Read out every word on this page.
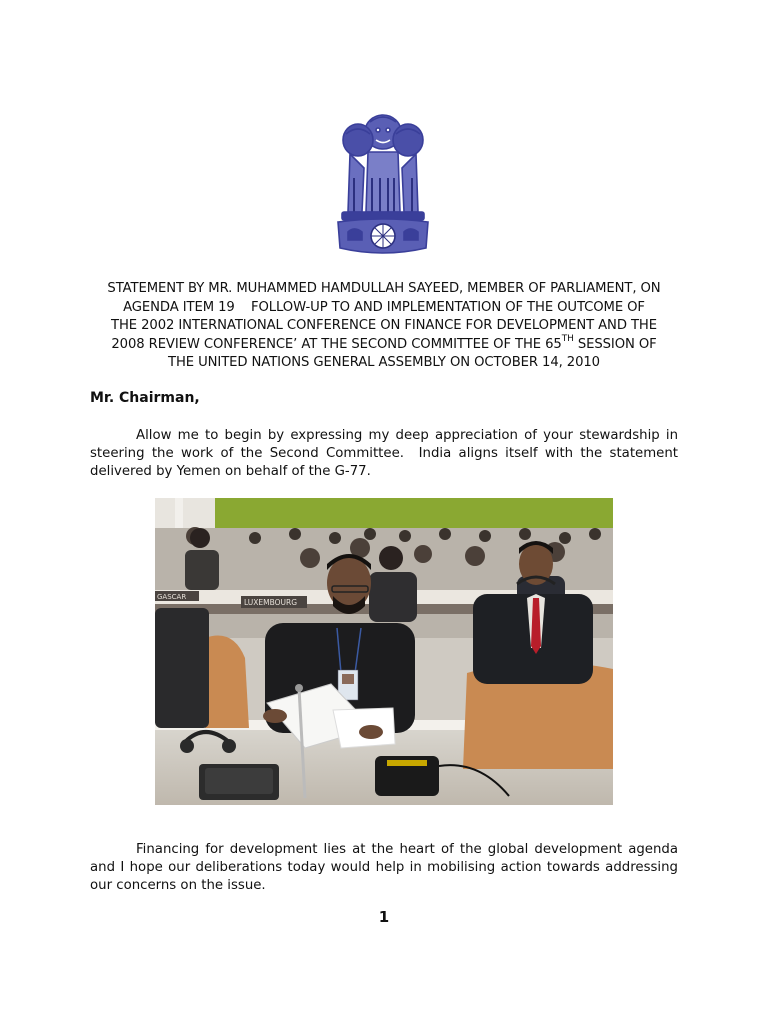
STATEMENT BY MR. MUHAMMED HAMDULLAH SAYEED, MEMBER OF PARLIAMENT, ON
AGENDA ITEM 19    FOLLOW-UP TO AND IMPLEMENTATION OF THE OUTCOME OF
THE 2002 INTERNATIONAL CONFERENCE ON FINANCE FOR DEVELOPMENT AND THE
2008 REVIEW CONFERENCE’ AT THE SECOND COMMITTEE OF THE 65TH SESSION OF
THE UNITED NATIONS GENERAL ASSEMBLY ON OCTOBER 14, 2010
Mr. Chairman,

Allow me to begin by expressing my deep appreciation of your stewardship in steering the work of the Second Committee.  India aligns itself with the statement delivered by Yemen on behalf of the G-77.

GASCAR
LUXEMBOURG

Financing for development lies at the heart of the global development agenda and I hope our deliberations today would help in mobilising action towards addressing our concerns on the issue.

1
